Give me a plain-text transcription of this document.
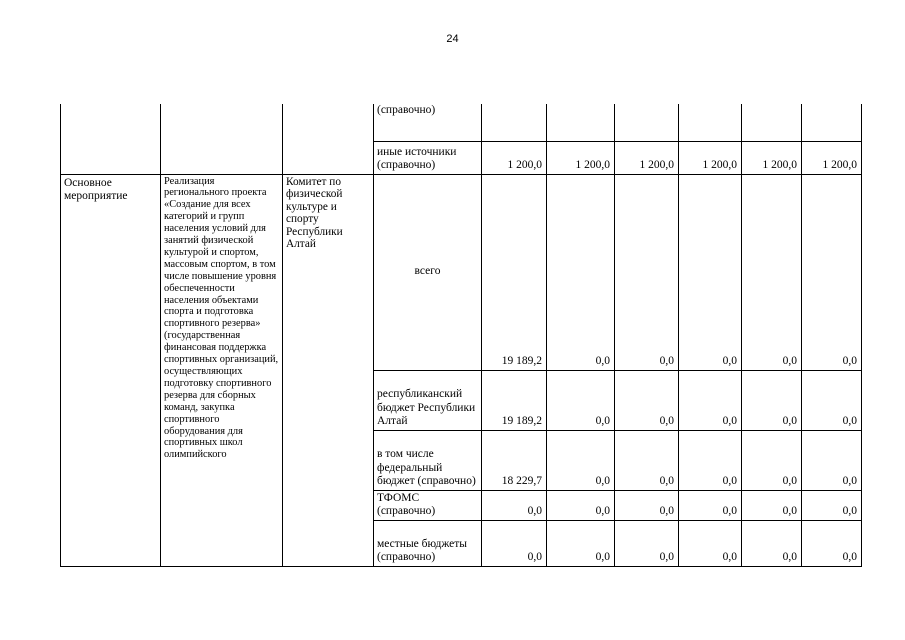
24
			(справочно)						
			иные источники (справочно)	1 200,0	1 200,0	1 200,0	1 200,0	1 200,0	1 200,0
Основное мероприятие	Реализация регионального проекта «Создание для всех категорий и групп населения условий для занятий физической культурой и спортом, массовым спортом, в том числе повышение уровня обеспеченности населения объектами спорта и подготовка спортивного резерва» (государственная финансовая поддержка спортивных организаций, осуществляющих подготовку спортивного резерва для сборных команд, закупка спортивного оборудования для спортивных школ олимпийского	Комитет по физической культуре и спорту Республики Алтай	всего	19 189,2	0,0	0,0	0,0	0,0	0,0
			республиканский бюджет Республики Алтай	19 189,2	0,0	0,0	0,0	0,0	0,0
			в том числе федеральный бюджет (справочно)	18 229,7	0,0	0,0	0,0	0,0	0,0
			ТФОМС (справочно)	0,0	0,0	0,0	0,0	0,0	0,0
			местные бюджеты (справочно)	0,0	0,0	0,0	0,0	0,0	0,0
